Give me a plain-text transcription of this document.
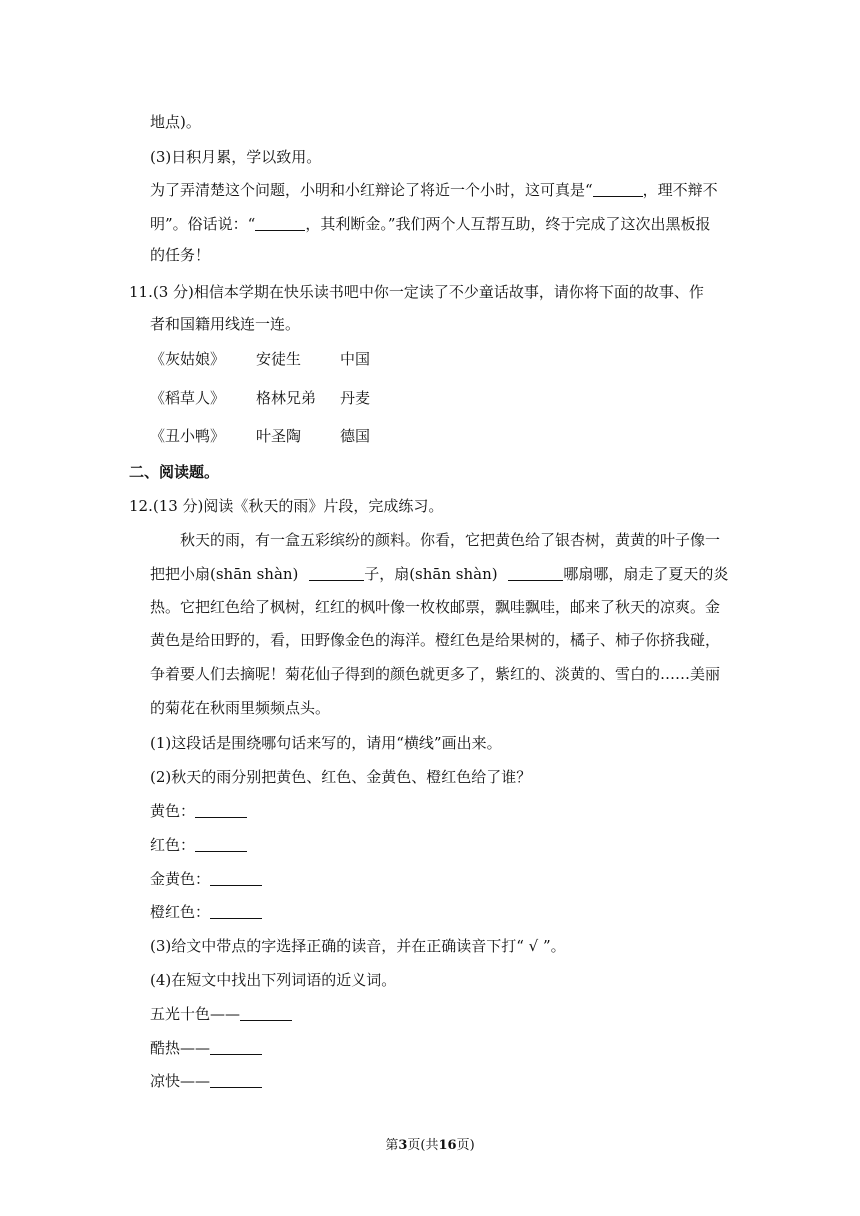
地点)。
(3)日积月累，学以致用。
为了弄清楚这个问题，小明和小红辩论了将近一个小时，这可真是“	，理不辩不
明”。俗话说：“	，其利断金。”我们两个人互帮互助，终于完成了这次出黑板报
的任务！
11.(3 分)相信本学期在快乐读书吧中你一定读了不少童话故事，请你将下面的故事、作
者和国籍用线连一连。
《灰姑娘》 安徒生	中国
《稻草人》 格林兄弟 丹麦
《丑小鸭》 叶圣陶	德国
二、阅读题。
12.(13 分)阅读《秋天的雨》片段，完成练习。
秋天的雨，有一盒五彩缤纷的颜料。你看，它把黄色给了银杏树，黄黄的叶子像一
把把小扇(shān shàn)	子，扇(shān shàn)	哪扇哪，扇走了夏天的炎
热。它把红色给了枫树，红红的枫叶像一枚枚邮票，飘哇飘哇，邮来了秋天的凉爽。金
黄色是给田野的，看，田野像金色的海洋。橙红色是给果树的，橘子、柿子你挤我碰，
争着要人们去摘呢！菊花仙子得到的颜色就更多了，紫红的、淡黄的、雪白的……美丽
的菊花在秋雨里频频点头。
(1)这段话是围绕哪句话来写的，请用“横线”画出来。
(2)秋天的雨分别把黄色、红色、金黄色、橙红色给了谁？
黄色：
红色：
金黄色：
橙红色：
(3)给文中带点的字选择正确的读音，并在正确读音下打“ √ ”。
(4)在短文中找出下列词语的近义词。
五光十色——
酷热——
凉快——
第3页(共16页)
